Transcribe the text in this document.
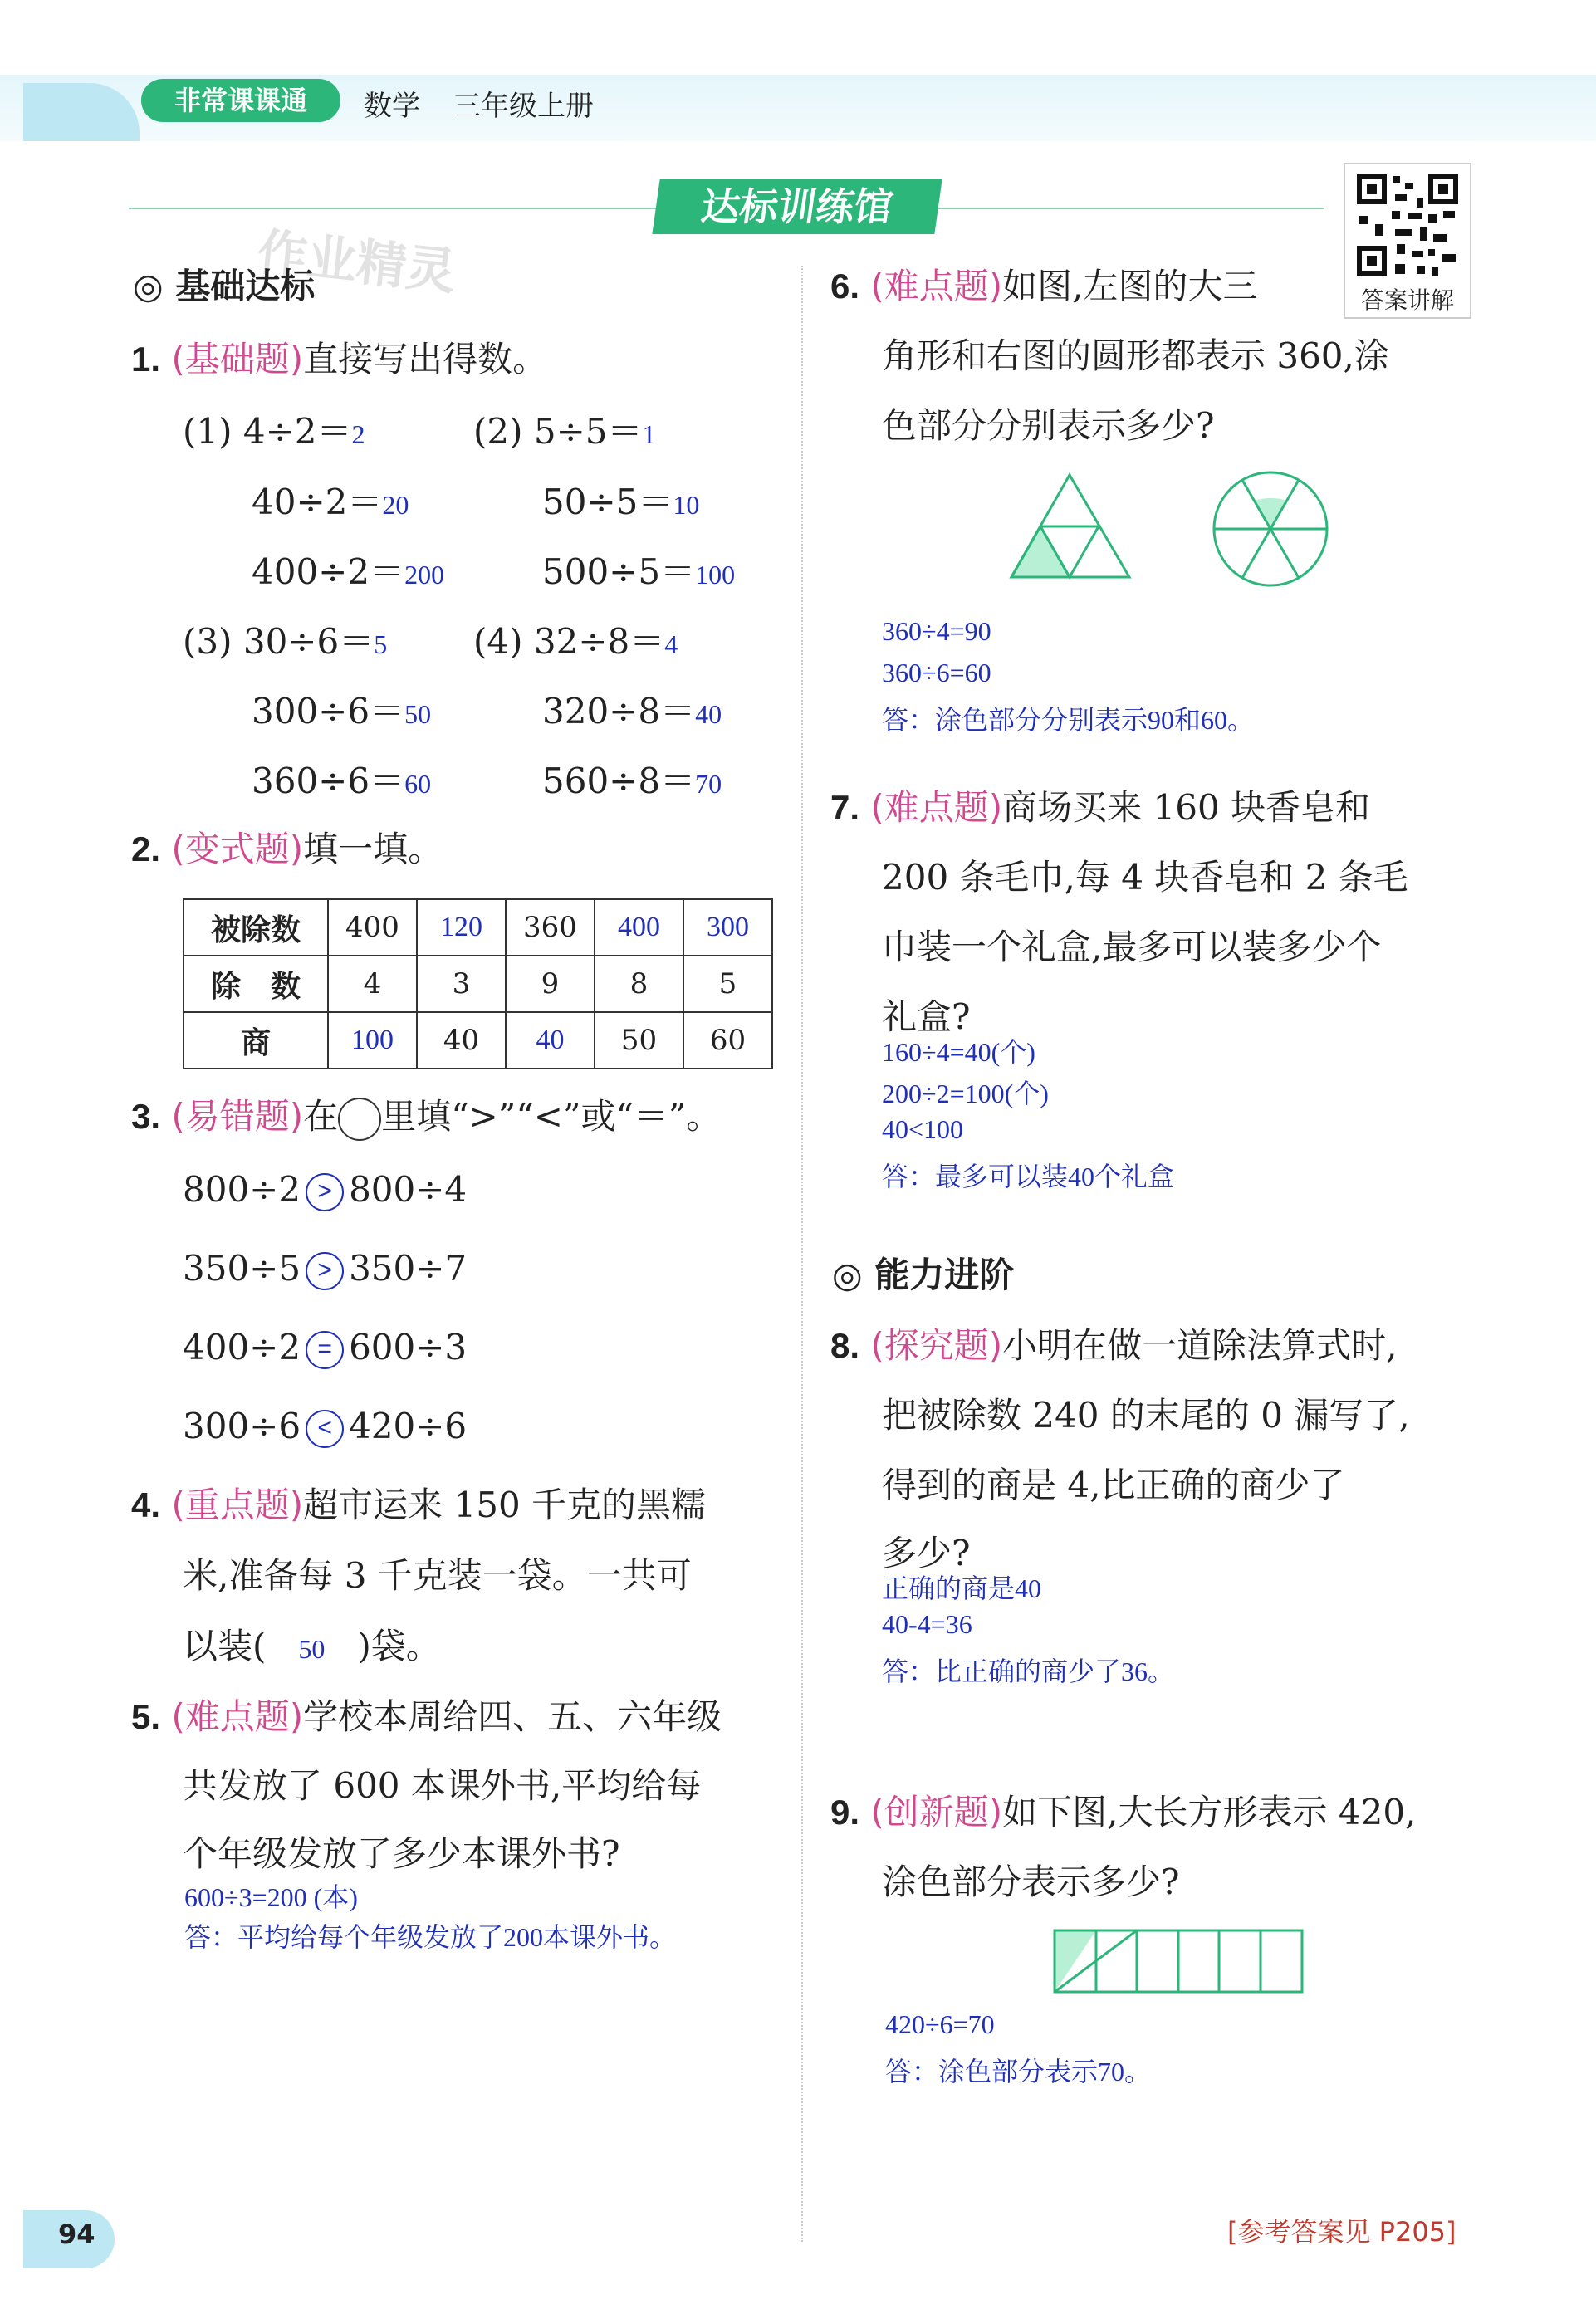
非常课课通	数学 三年级上册
达标训练馆
答案讲解
作业精灵
◎ 基础达标
1. (基础题)直接写出得数。
(1) 4÷2＝2	(2) 5÷5＝1
40÷2＝20	50÷5＝10
400÷2＝200	500÷5＝100
(3) 30÷6＝5 (4) 32÷8＝4
300÷6＝50	320÷8＝40
360÷6＝60	560÷8＝70
2. (变式题)填一填。
被除数	400	120	360	400	300
除　数	4	3	9	8	5
商	100	40	40	50	60
3. (易错题)在 里填“>”“<”或“＝”。
800÷2 > 800÷4
350÷5 > 350÷7
400÷2 = 600÷3
300÷6 < 420÷6
4. (重点题)超市运来 150 千克的黑糯
米,准备每 3 千克装一袋。一共可
以装( 50 )袋。
5. (难点题)学校本周给四、五、六年级
共发放了 600 本课外书,平均给每
个年级发放了多少本课外书?
600÷3=200 (本)
答：平均给每个年级发放了200本课外书。
6. (难点题)如图,左图的大三
角形和右图的圆形都表示 360,涂
色部分分别表示多少?
360÷4=90
360÷6=60
答：涂色部分分别表示90和60。
7. (难点题)商场买来 160 块香皂和
200 条毛巾,每 4 块香皂和 2 条毛
巾装一个礼盒,最多可以装多少个
礼盒?
160÷4=40(个)
200÷2=100(个)
40<100
答：最多可以装40个礼盒
◎ 能力进阶
8. (探究题)小明在做一道除法算式时,
把被除数 240 的末尾的 0 漏写了,
得到的商是 4,比正确的商少了
多少?
正确的商是40
40-4=36
答：比正确的商少了36。
9. (创新题)如下图,大长方形表示 420,
涂色部分表示多少?
420÷6=70
答：涂色部分表示70。
94	[参考答案见 P205]
